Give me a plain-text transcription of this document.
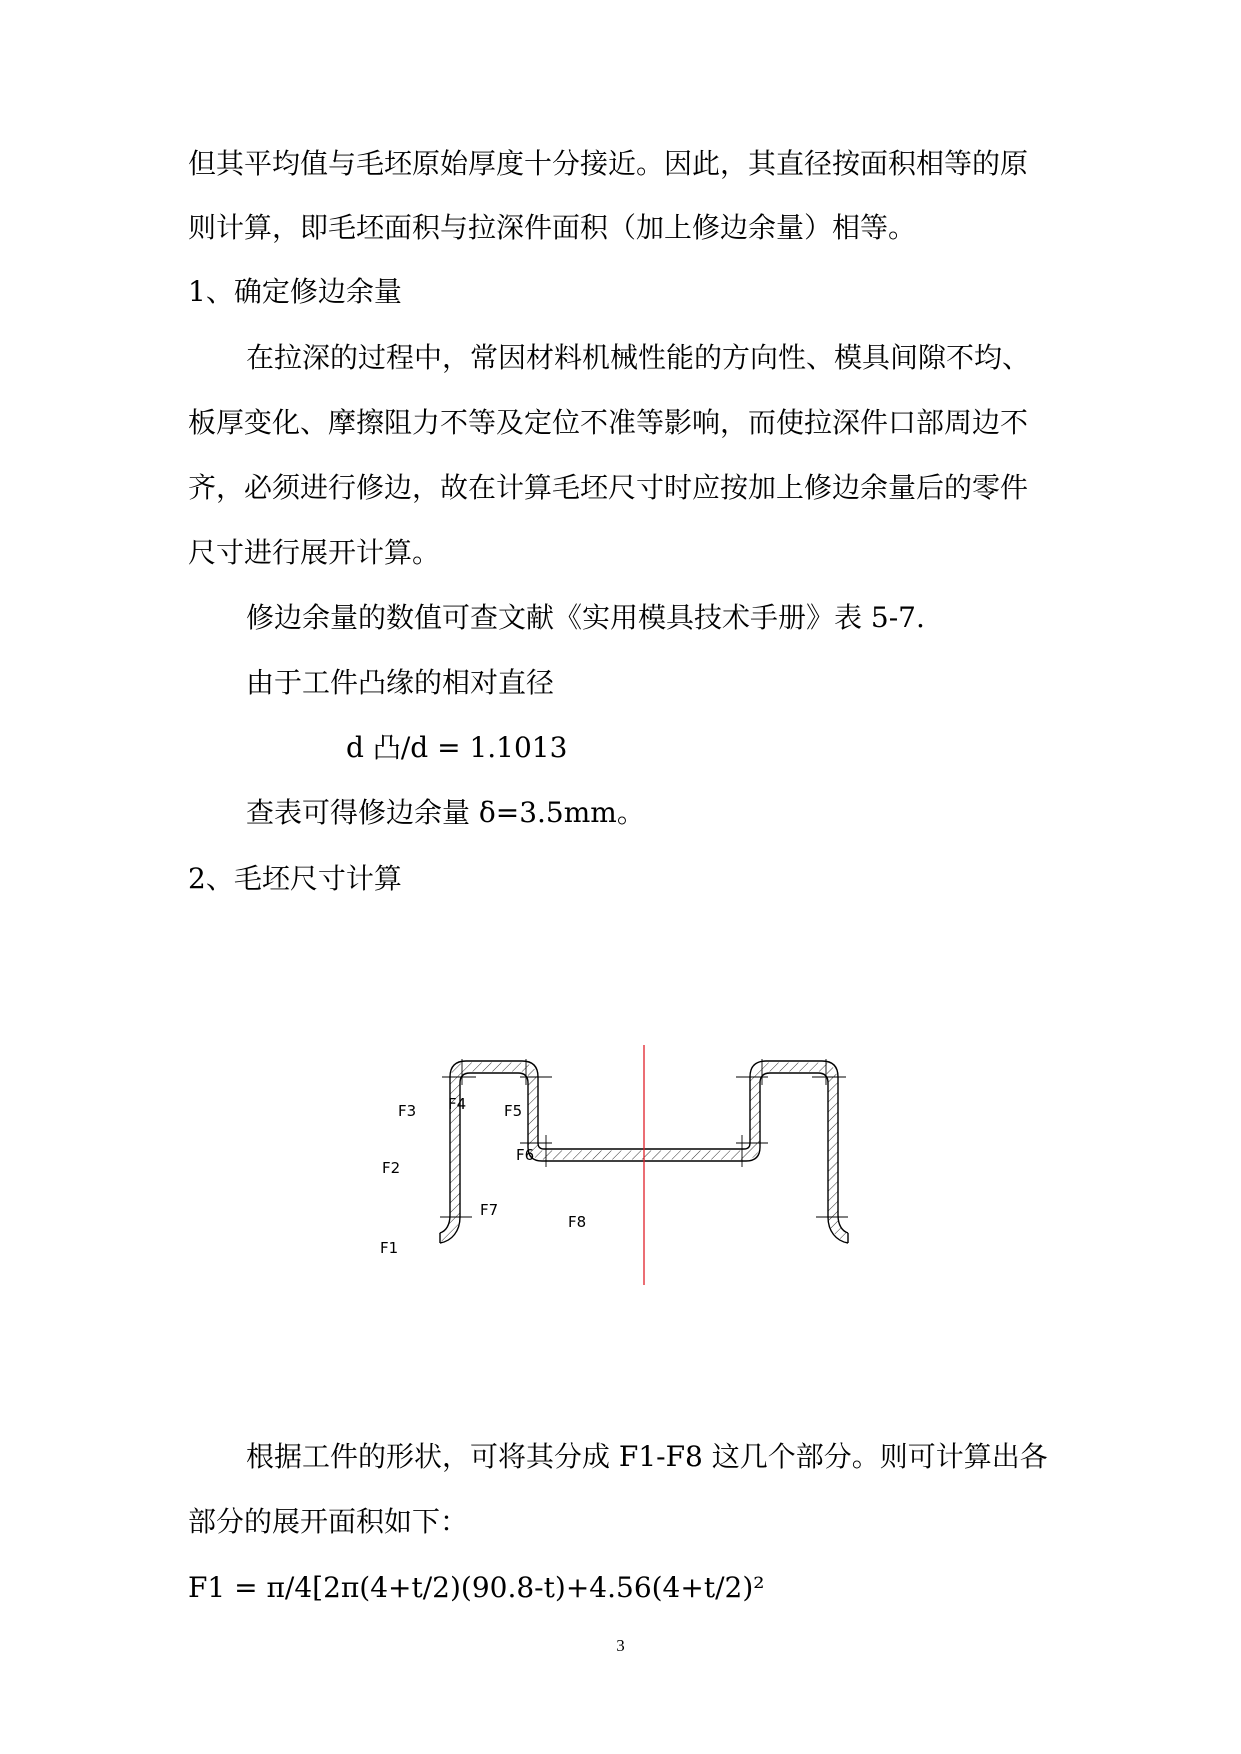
但其平均值与毛坯原始厚度十分接近。因此，其直径按面积相等的原
则计算，即毛坯面积与拉深件面积（加上修边余量）相等。
1、确定修边余量
在拉深的过程中，常因材料机械性能的方向性、模具间隙不均、
板厚变化、摩擦阻力不等及定位不准等影响，而使拉深件口部周边不
齐，必须进行修边，故在计算毛坯尺寸时应按加上修边余量后的零件
尺寸进行展开计算。
修边余量的数值可查文献《实用模具技术手册》表 5-7.
由于工件凸缘的相对直径
d 凸/d = 1.1013
查表可得修边余量 δ=3.5mm。
2、毛坯尺寸计算
F1
F2
F3 F4	F5
F6
F7
F8
根据工件的形状，可将其分成 F1-F8 这几个部分。则可计算出各
部分的展开面积如下：
F1 = π/4[2π(4+t/2)(90.8-t)+4.56(4+t/2)²
3
